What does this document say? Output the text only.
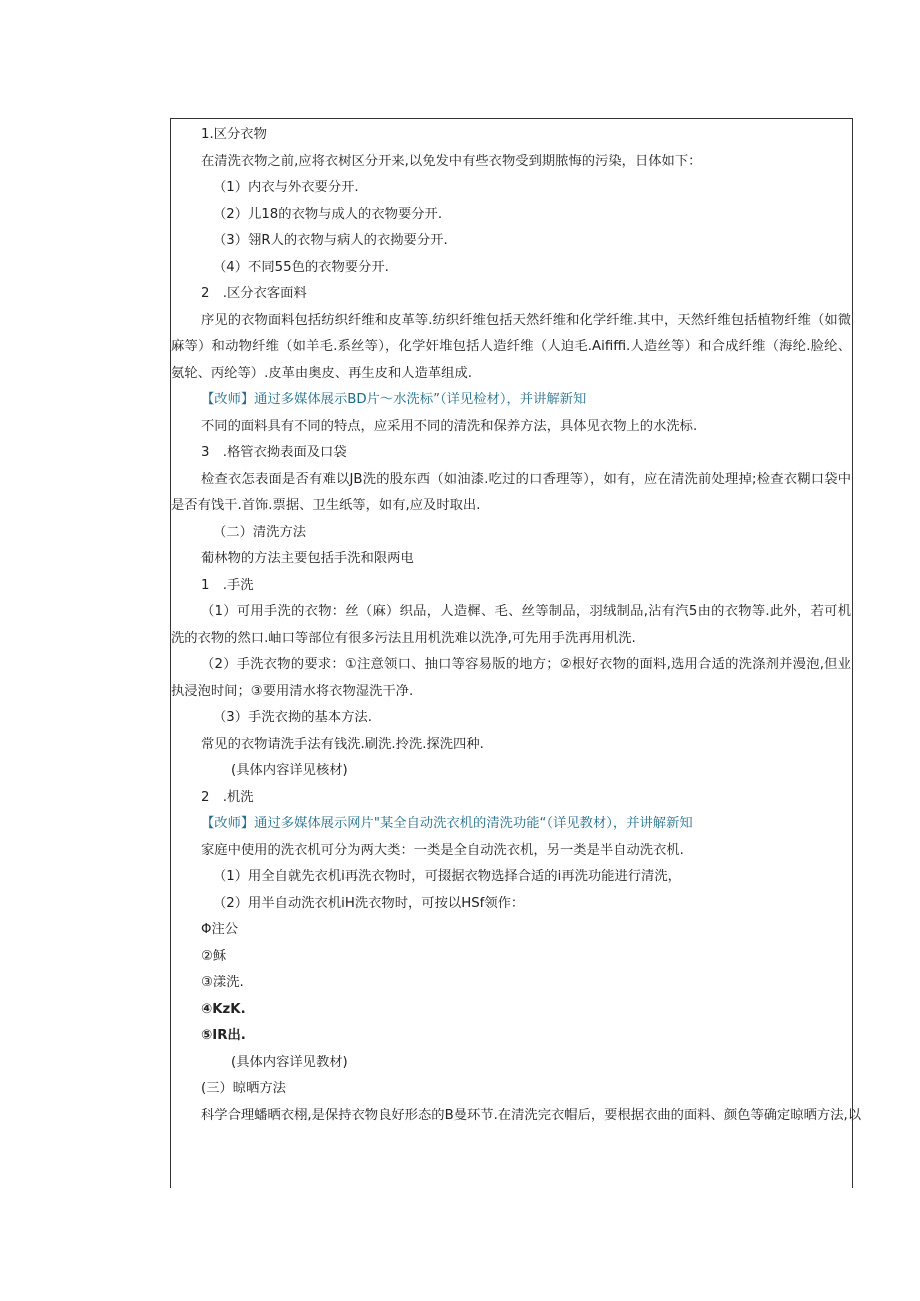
1.区分衣物

在清洗衣物之前,应将衣树区分开来,以免发中有些衣物受到期脓悔的污染，日体如下：

（1）内衣与外衣要分开.

（2）儿18的衣物与成人的衣物要分开.

（3）翎R人的衣物与病人的衣拗要分开.

（4）不同55色的衣物要分开.

2　.区分衣客面料

序见的衣物面料包括纺织纤维和皮革等.纺织纤维包括天然纤维和化学纤维.其中，天然纤维包括植物纤维（如微麻等）和动物纤维（如羊毛.系丝等），化学奸堆包括人造纤维（人迫毛.Aififfi.人造丝等）和合成纤维（海纶.脸纶、氨轮、丙纶等）.皮革由奥皮、再生皮和人造革组成.

【改师】通过多媒体展示BD片〜水洗标”（详见检材），并讲解新知

不同的面料具有不同的特点，应采用不同的清洗和保养方法，具体见衣物上的水洗标.

3　.格管衣拗表面及口袋

检查衣怎表面是否有难以JB洗的股东西（如油漆.吃过的口香理等），如有，应在清洗前处理掉;检查衣糊口袋中是否有饯干.首饰.票据、卫生纸等，如有,应及时取出.

（二）清洗方法

葡林物的方法主要包括手洗和限两电

1　.手洗

（1）可用手洗的衣物：丝（麻）织品，人造樨、毛、丝等制品，羽绒制品,沾有汽5由的衣物等.此外，若可机洗的衣物的然口.岫口等部位有很多污法且用机洗难以洗净,可先用手洗再用机洗.

（2）手洗衣物的要求：①注意领口、抽口等容易版的地方；②根好衣物的面料,选用合适的洗涤剂并漫泡,但业执浸泡时间；③要用清水将衣物湿洗干净.

（3）手洗衣拗的基本方法.

常见的衣物请洗手法有钱洗.刷洗.拎洗.探洗四种.

(具体内容详见核材)

2　.机洗

【改师】通过多媒体展示网片"某全自动洗衣机的清洗功能“（详见教材），并讲解新知

家庭中使用的洗衣机可分为两大类：一类是全自动洗衣机，另一类是半自动洗衣机.

（1）用全自就先衣机i再洗衣物时，可掇据衣物选择合适的i再洗功能进行清洗，

（2）用半自动洗衣机iH洗衣物时，可按以HSf领作：

Φ注公

②稣

③漾洗.

④KzK.

⑤IR出.

(具体内容详见教材)

(三）晾晒方法

科学合理蟠晒衣栩,是保持衣物良好形态的B曼环节.在清洗完衣帽后，要根据衣曲的面料、颜色等确定晾晒方法,以
